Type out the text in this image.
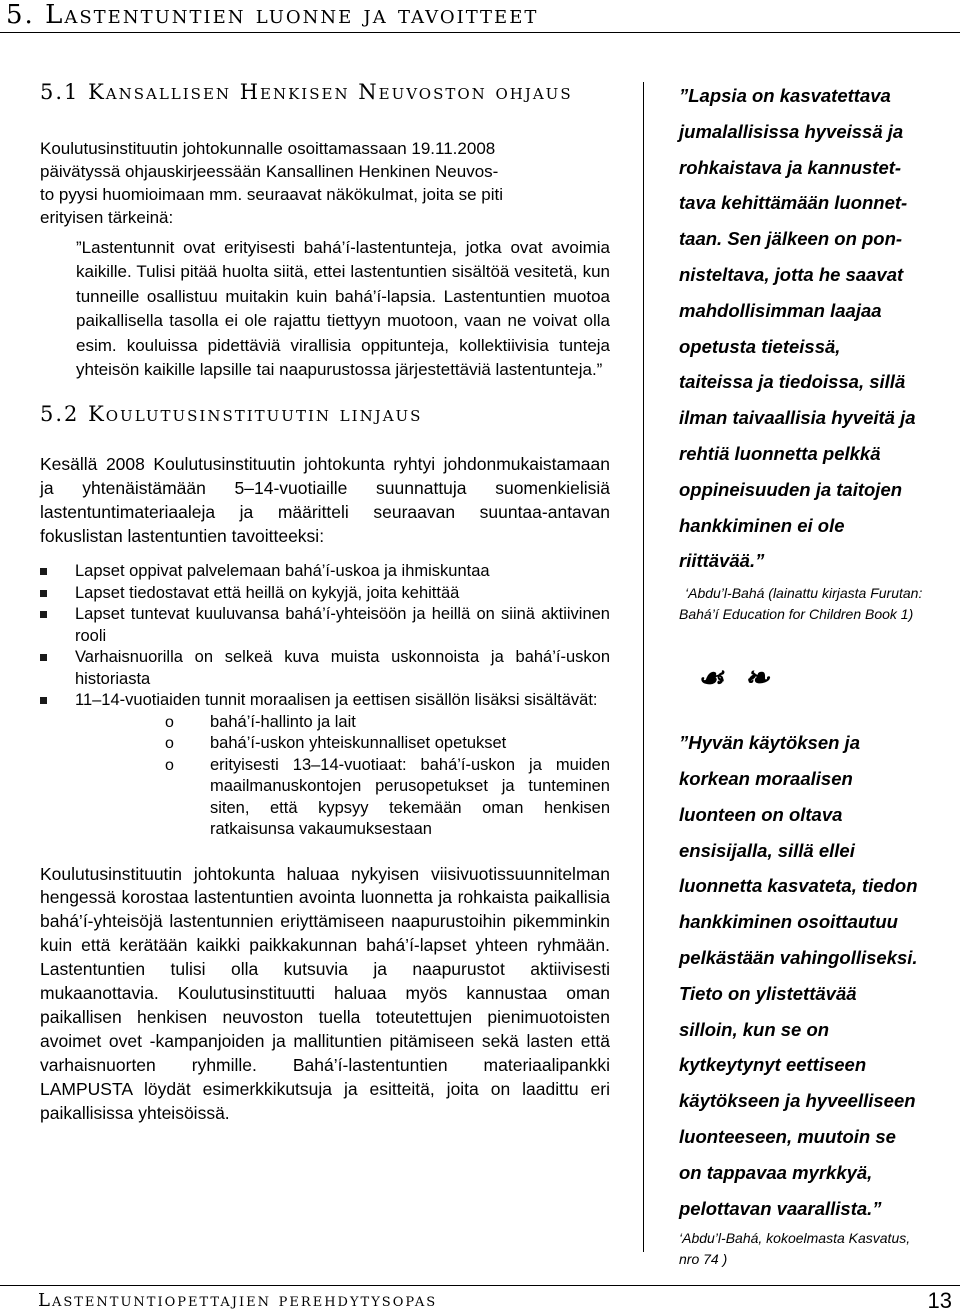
5. Lastentuntien luonne ja tavoitteet
5.1 Kansallisen Henkisen Neuvoston ohjaus
Koulutusinstituutin johtokunnalle osoittamassaan 19.11.2008
päivätyssä ohjauskirjeessään Kansallinen Henkinen Neuvos-
to pyysi huomioimaan mm. seuraavat näkökulmat, joita se piti
erityisen tärkeinä:

”Lastentunnit ovat erityisesti bahá’í-lastentunteja, jotka ovat avoimia kaikille. Tulisi pitää huolta siitä, ettei lastentuntien sisältöä vesitetä, kun tunneille osallistuu muitakin kuin bahá’í-lapsia. Lastentuntien muotoa paikallisella tasolla ei ole rajattu tiettyyn muotoon, vaan ne voivat olla esim. kouluissa pidettäviä virallisia oppitunteja, kollektiivisia tunteja yhteisön kaikille lapsille tai naapurustossa järjestettäviä lastentunteja.”

5.2 Koulutusinstituutin linjaus

Kesällä 2008 Koulutusinstituutin johtokunta ryhtyi johdonmukaistamaan ja yhtenäistämään 5–14-vuotiaille suunnattuja suomenkielisiä lastentuntimateriaaleja ja määritteli seuraavan suuntaa-antavan fokuslistan lastentuntien tavoitteeksi:

Lapset oppivat palvelemaan bahá’í-uskoa ja ihmiskuntaa
Lapset tiedostavat että heillä on kykyjä, joita kehittää
Lapset tuntevat kuuluvansa bahá’í-yhteisöön ja heillä on siinä aktiivinen rooli
Varhaisnuorilla on selkeä kuva muista uskonnoista ja bahá’í-uskon historiasta
11–14-vuotiaiden tunnit moraalisen ja eettisen sisällön lisäksi sisältävät:
o bahá’í-hallinto ja lait
o bahá’í-uskon yhteiskunnalliset opetukset
o erityisesti 13–14-vuotiaat: bahá’í-uskon ja muiden maailmanuskontojen perusopetukset ja tunteminen siten, että kypsyy tekemään oman henkisen ratkaisunsa vakaumuksestaan

Koulutusinstituutin johtokunta haluaa nykyisen viisivuotissuunnitelman hengessä korostaa lastentuntien avointa luonnetta ja rohkaista paikallisia bahá’í-yhteisöjä lastentunnien eriyttämiseen naapurustoihin pikemminkin kuin että kerätään kaikki paikkakunnan bahá’í-lapset yhteen ryhmään. Lastentuntien tulisi olla kutsuvia ja naapurustot aktiivisesti mukaanottavia. Koulutusinstituutti haluaa myös kannustaa oman paikallisen henkisen neuvoston tuella toteutettujen pienimuotoisten avoimet ovet -kampanjoiden ja mallituntien pitämiseen sekä lasten että varhaisnuorten ryhmille. Bahá’í-lastentuntien materiaalipankki LAMPUSTA löydät esimerkkikutsuja ja esitteitä, joita on laadittu eri paikallisissa yhteisöissä.

”Lapsia on kasvatettava
jumalallisissa hyveissä ja
rohkaistava ja kannustet-
tava kehittämään luonnet-
taan. Sen jälkeen on pon-
nisteltava, jotta he saavat
mahdollisimman laajaa
opetusta tieteissä,
taiteissa ja tiedoissa, sillä
ilman taivaallisia hyveitä ja
rehtiä luonnetta pelkkä
oppineisuuden ja taitojen
hankkiminen ei ole
riittävää.”
‘Abdu’l-Bahá (lainattu kirjasta Furutan:
Bahá’í Education for Children Book 1)
☙ ❧
”Hyvän käytöksen ja
korkean moraalisen
luonteen on oltava
ensisijalla, sillä ellei
luonnetta kasvateta, tiedon
hankkiminen osoittautuu
pelkästään vahingolliseksi.
Tieto on ylistettävää
silloin, kun se on
kytkeytynyt eettiseen
käytökseen ja hyveelliseen
luonteeseen, muutoin se
on tappavaa myrkkyä,
pelottavan vaarallista.”
‘Abdu’l-Bahá, kokoelmasta Kasvatus,
nro 74 )
Lastentuntiopettajien perehdytysopas	13
